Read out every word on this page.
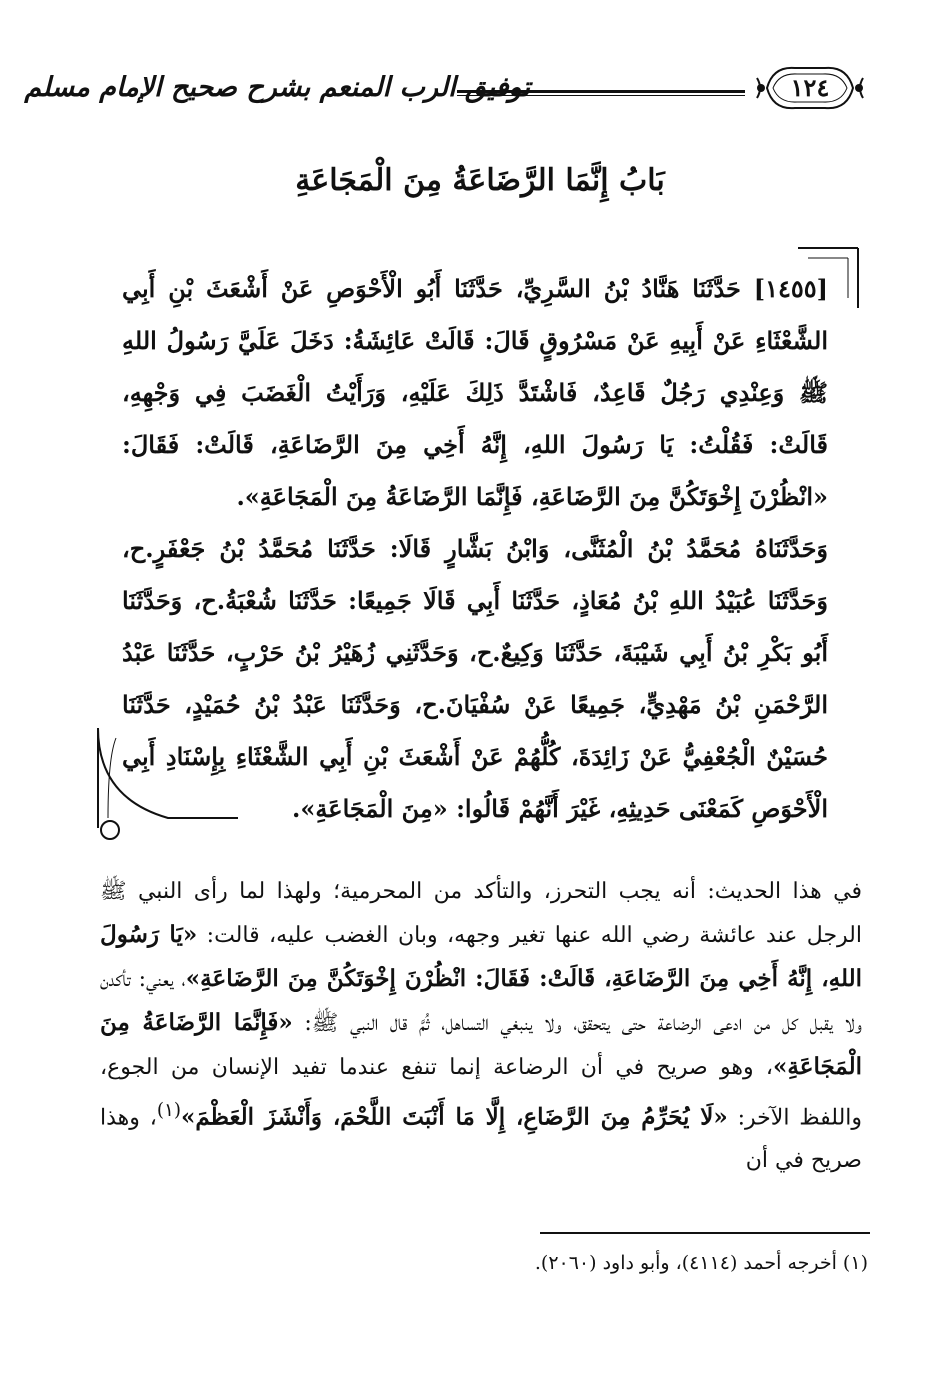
توفيق الرب المنعم بشرح صحيح الإمام مسلم	١٢٤
بَابُ إِنَّمَا الرَّضَاعَةُ مِنَ الْمَجَاعَةِ

[١٤٥٥] حَدَّثَنَا هَنَّادُ بْنُ السَّرِيِّ، حَدَّثَنَا أَبُو الْأَحْوَصِ عَنْ أَشْعَثَ بْنِ أَبِي الشَّعْثَاءِ عَنْ أَبِيهِ عَنْ مَسْرُوقٍ قَالَ: قَالَتْ عَائِشَةُ: دَخَلَ عَلَيَّ رَسُولُ اللهِ ﷺ وَعِنْدِي رَجُلٌ قَاعِدٌ، فَاشْتَدَّ ذَلِكَ عَلَيْهِ، وَرَأَيْتُ الْغَضَبَ فِي وَجْهِهِ، قَالَتْ: فَقُلْتُ: يَا رَسُولَ اللهِ، إِنَّهُ أَخِي مِنَ الرَّضَاعَةِ، قَالَتْ: فَقَالَ: «انْظُرْنَ إِخْوَتَكُنَّ مِنَ الرَّضَاعَةِ، فَإِنَّمَا الرَّضَاعَةُ مِنَ الْمَجَاعَةِ».

وَحَدَّثَنَاهُ مُحَمَّدُ بْنُ الْمُثَنَّى، وَابْنُ بَشَّارٍ قَالَا: حَدَّثَنَا مُحَمَّدُ بْنُ جَعْفَرٍ.ح، وَحَدَّثَنَا عُبَيْدُ اللهِ بْنُ مُعَاذٍ، حَدَّثَنَا أَبِي قَالَا جَمِيعًا: حَدَّثَنَا شُعْبَةُ.ح، وَحَدَّثَنَا أَبُو بَكْرِ بْنُ أَبِي شَيْبَةَ، حَدَّثَنَا وَكِيعٌ.ح، وَحَدَّثَنِي زُهَيْرُ بْنُ حَرْبٍ، حَدَّثَنَا عَبْدُ الرَّحْمَنِ بْنُ مَهْدِيٍّ، جَمِيعًا عَنْ سُفْيَانَ.ح، وَحَدَّثَنَا عَبْدُ بْنُ حُمَيْدٍ، حَدَّثَنَا حُسَيْنٌ الْجُعْفِيُّ عَنْ زَائِدَةَ، كُلُّهُمْ عَنْ أَشْعَثَ بْنِ أَبِي الشَّعْثَاءِ بِإِسْنَادِ أَبِي الْأَحْوَصِ كَمَعْنَى حَدِيثِهِ، غَيْرَ أَنَّهُمْ قَالُوا: «مِنَ الْمَجَاعَةِ».

في هذا الحديث: أنه يجب التحرز، والتأكد من المحرمية؛ ولهذا لما رأى النبي ﷺ الرجل عند عائشة رضي الله عنها تغير وجهه، وبان الغضب عليه، قالت: «يَا رَسُولَ اللهِ، إِنَّهُ أَخِي مِنَ الرَّضَاعَةِ، قَالَتْ: فَقَالَ: انْظُرْنَ إِخْوَتَكُنَّ مِنَ الرَّضَاعَةِ»، يعني: تأكدن ولا يقبل كل من ادعى الرضاعة حتى يتحقق، ولا ينبغي التساهل، ثُمَّ قال النبي ﷺ: «فَإِنَّمَا الرَّضَاعَةُ مِنَ الْمَجَاعَةِ»، وهو صريح في أن الرضاعة إنما تنفع عندما تفيد الإنسان من الجوع، واللفظ الآخر: «لَا يُحَرِّمُ مِنَ الرَّضَاعِ، إِلَّا مَا أَنْبَتَ اللَّحْمَ، وَأَنْشَزَ الْعَظْمَ»$^{(١)}$، وهذا صريح في أن

(١) أخرجه أحمد (٤١١٤)، وأبو داود (٢٠٦٠).
